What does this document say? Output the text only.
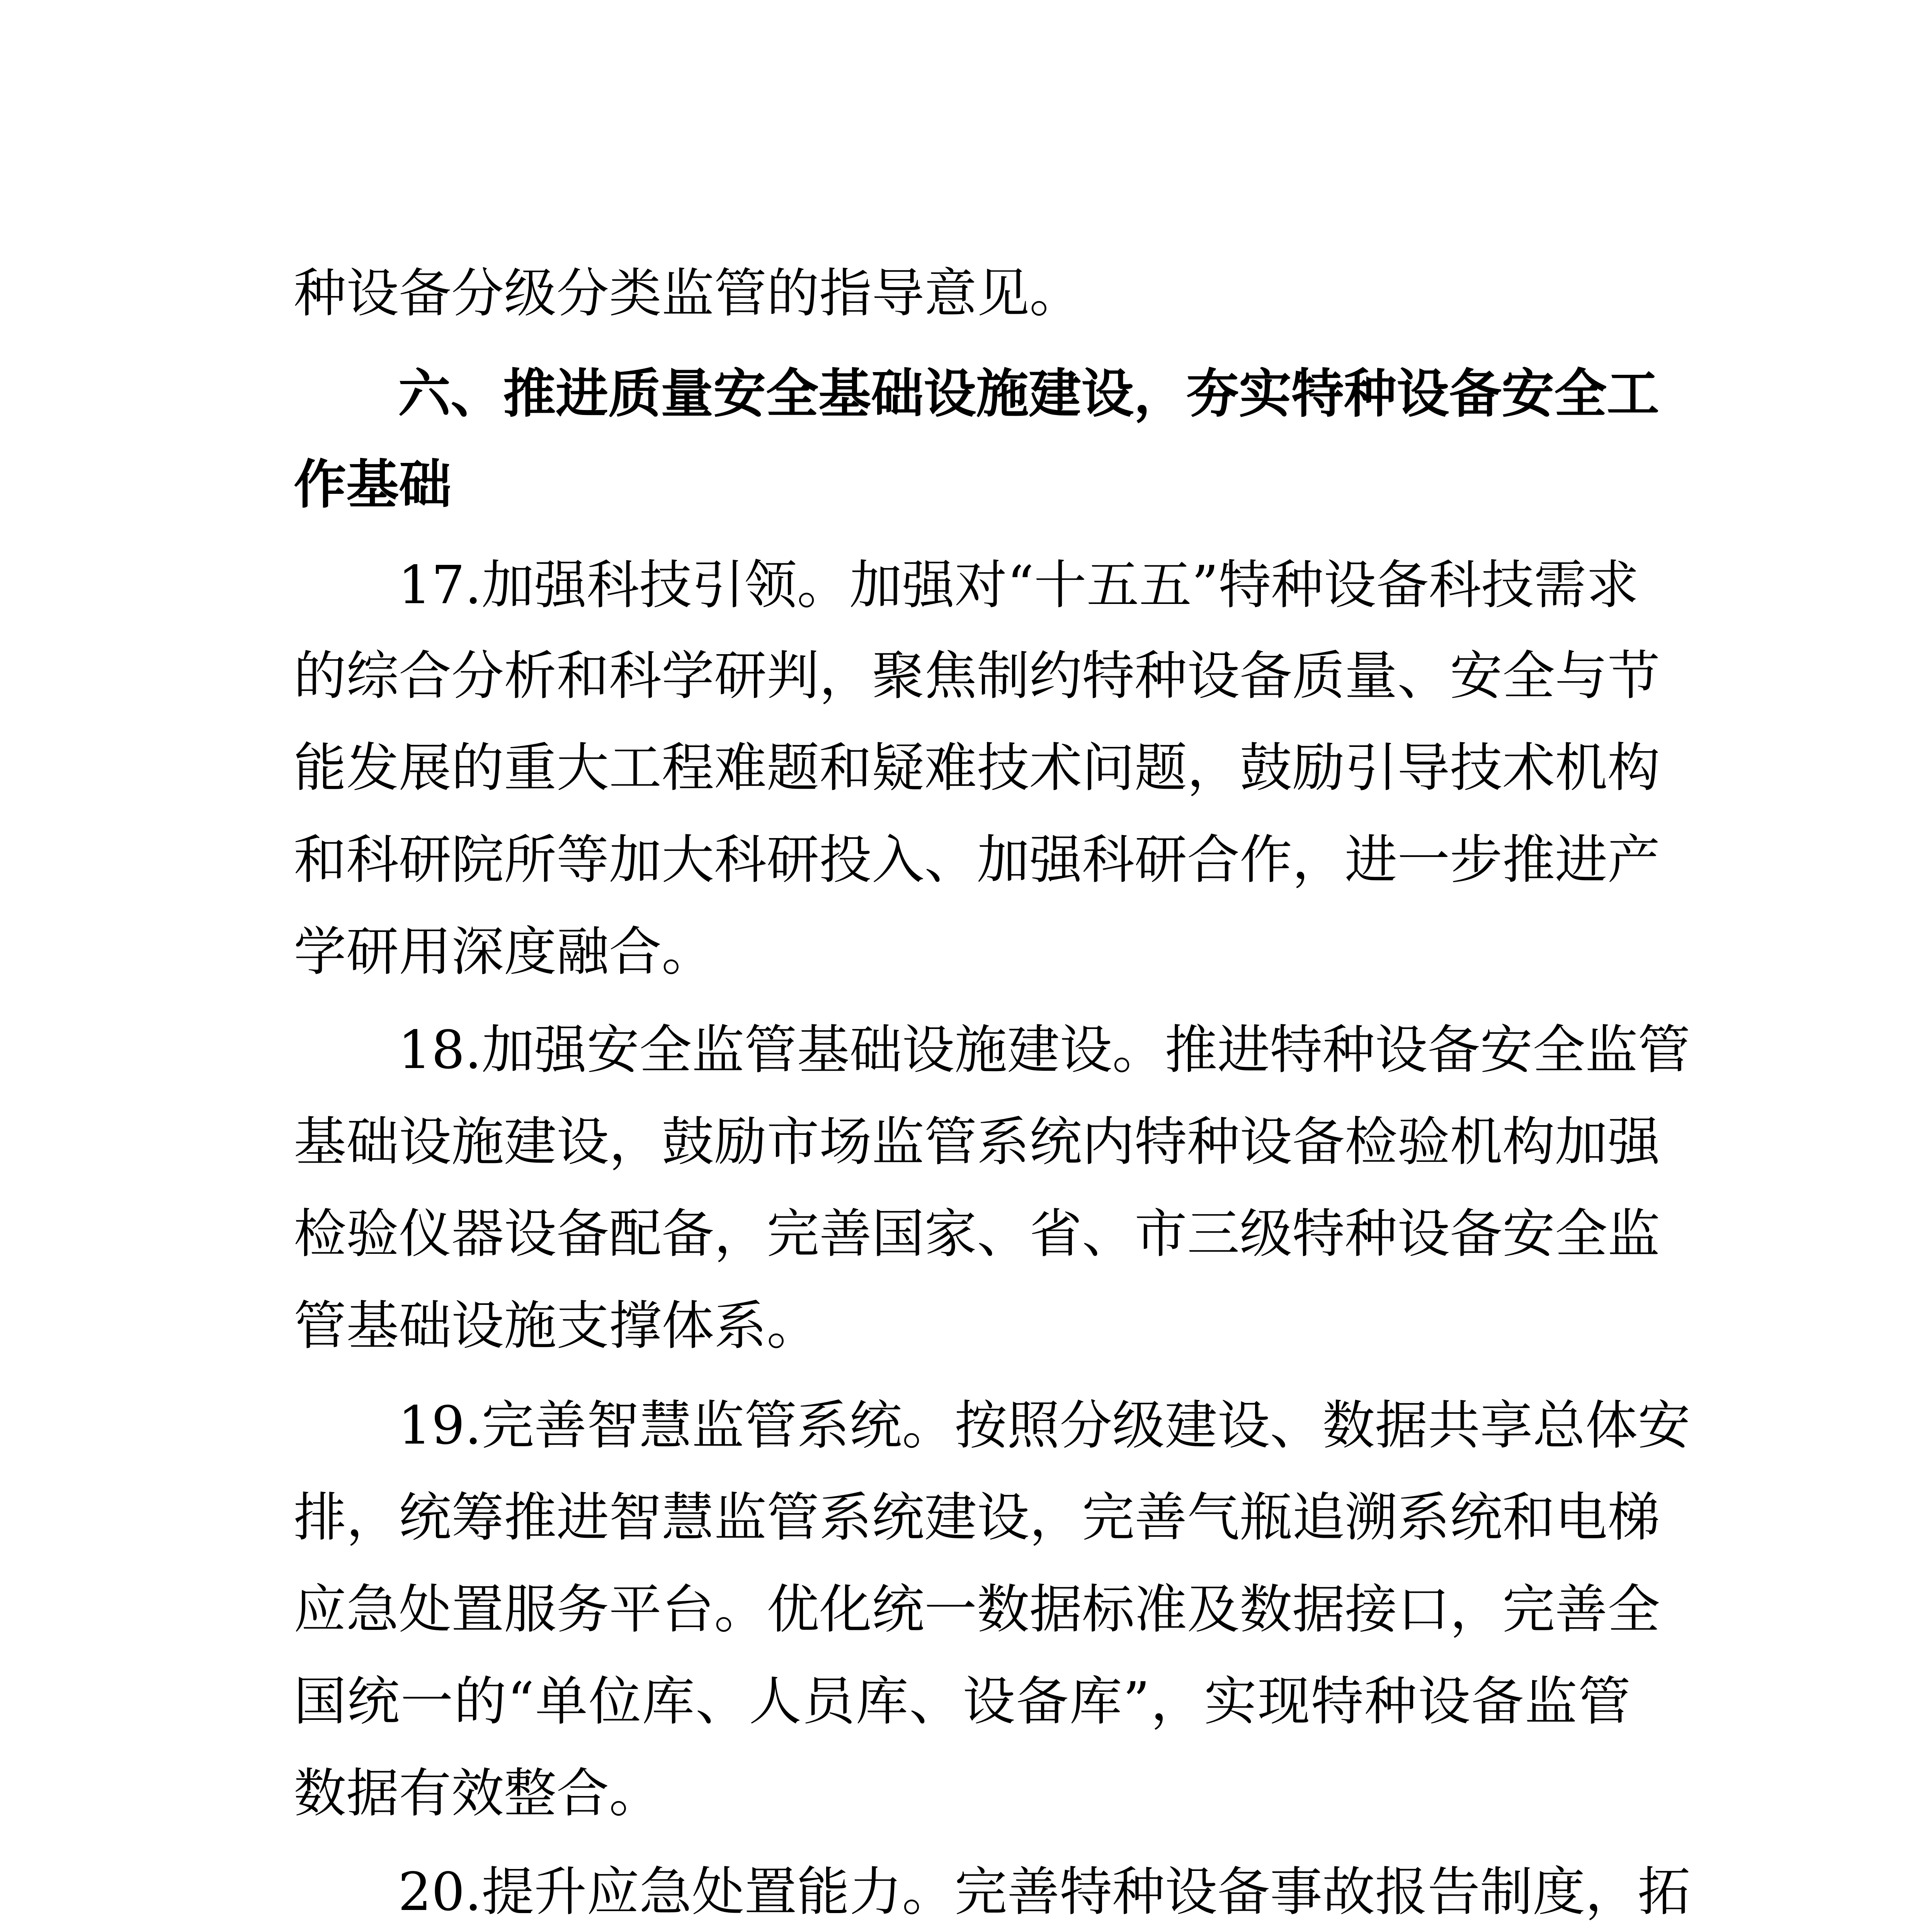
种设备分级分类监管的指导意见。

六、推进质量安全基础设施建设，夯实特种设备安全工

作基础

17.加强科技引领。加强对“十五五”特种设备科技需求

的综合分析和科学研判，聚焦制约特种设备质量、安全与节

能发展的重大工程难题和疑难技术问题，鼓励引导技术机构

和科研院所等加大科研投入、加强科研合作，进一步推进产

学研用深度融合。

18.加强安全监管基础设施建设。推进特种设备安全监管

基础设施建设，鼓励市场监管系统内特种设备检验机构加强

检验仪器设备配备，完善国家、省、市三级特种设备安全监

管基础设施支撑体系。

19.完善智慧监管系统。按照分级建设、数据共享总体安

排，统筹推进智慧监管系统建设，完善气瓶追溯系统和电梯

应急处置服务平台。优化统一数据标准及数据接口，完善全

国统一的“单位库、人员库、设备库”，实现特种设备监管

数据有效整合。

20.提升应急处置能力。完善特种设备事故报告制度，拓
